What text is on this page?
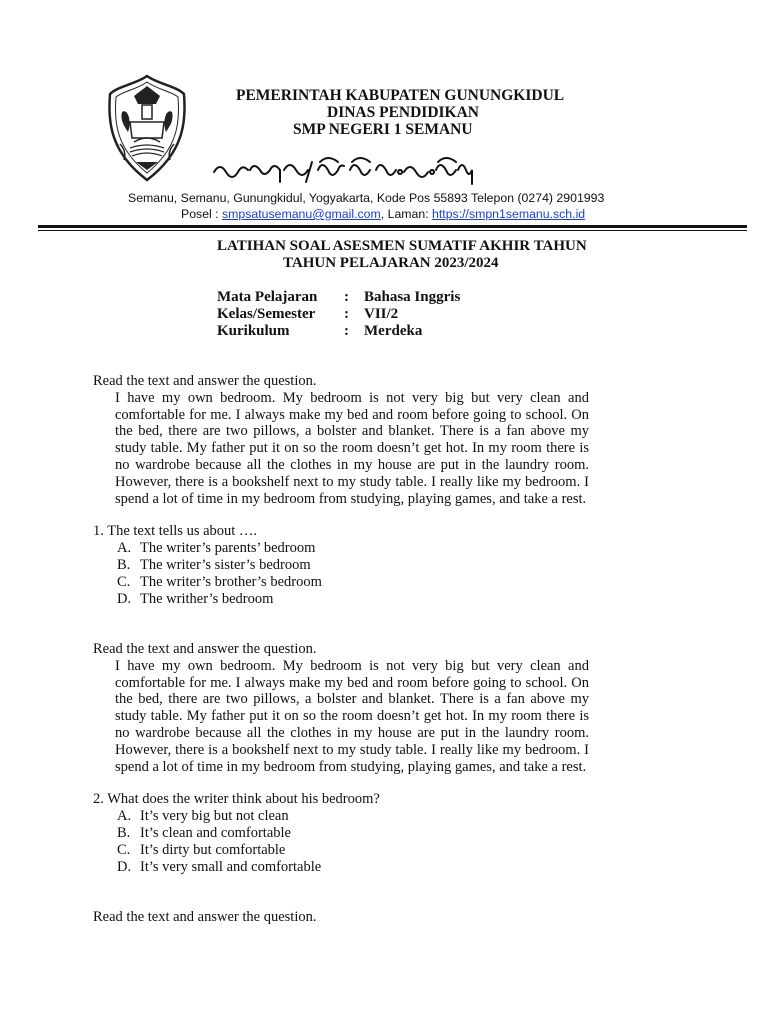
PEMERINTAH KABUPATEN GUNUNGKIDUL
DINAS PENDIDIKAN
SMP NEGERI 1 SEMANU
Semanu, Semanu, Gunungkidul, Yogyakarta, Kode Pos 55893 Telepon (0274) 2901993
Posel : smpsatusemanu@gmail.com, Laman: https://smpn1semanu.sch.id
LATIHAN SOAL ASESMEN SUMATIF AKHIR TAHUN
TAHUN PELAJARAN 2023/2024
Mata Pelajaran : Bahasa Inggris
Kelas/Semester : VII/2
Kurikulum	: Merdeka
Read the text and answer the question.
I have my own bedroom. My bedroom is not very big but very clean and comfortable for me. I always make my bed and room before going to school. On the bed, there are two pillows, a bolster and blanket. There is a fan above my study table. My father put it on so the room doesn’t get hot. In my room there is no wardrobe because all the clothes in my house are put in the laundry room. However, there is a bookshelf next to my study table. I really like my bedroom. I spend a lot of time in my bedroom from studying, playing games, and take a rest.
1. The text tells us about ….
A. The writer’s parents’ bedroom
B. The writer’s sister’s bedroom
C. The writer’s brother’s bedroom
D. The writher’s bedroom
Read the text and answer the question.
I have my own bedroom. My bedroom is not very big but very clean and comfortable for me. I always make my bed and room before going to school. On the bed, there are two pillows, a bolster and blanket. There is a fan above my study table. My father put it on so the room doesn’t get hot. In my room there is no wardrobe because all the clothes in my house are put in the laundry room. However, there is a bookshelf next to my study table. I really like my bedroom. I spend a lot of time in my bedroom from studying, playing games, and take a rest.
2. What does the writer think about his bedroom?
A. It’s very big but not clean
B. It’s clean and comfortable
C. It’s dirty but comfortable
D. It’s very small and comfortable
Read the text and answer the question.
